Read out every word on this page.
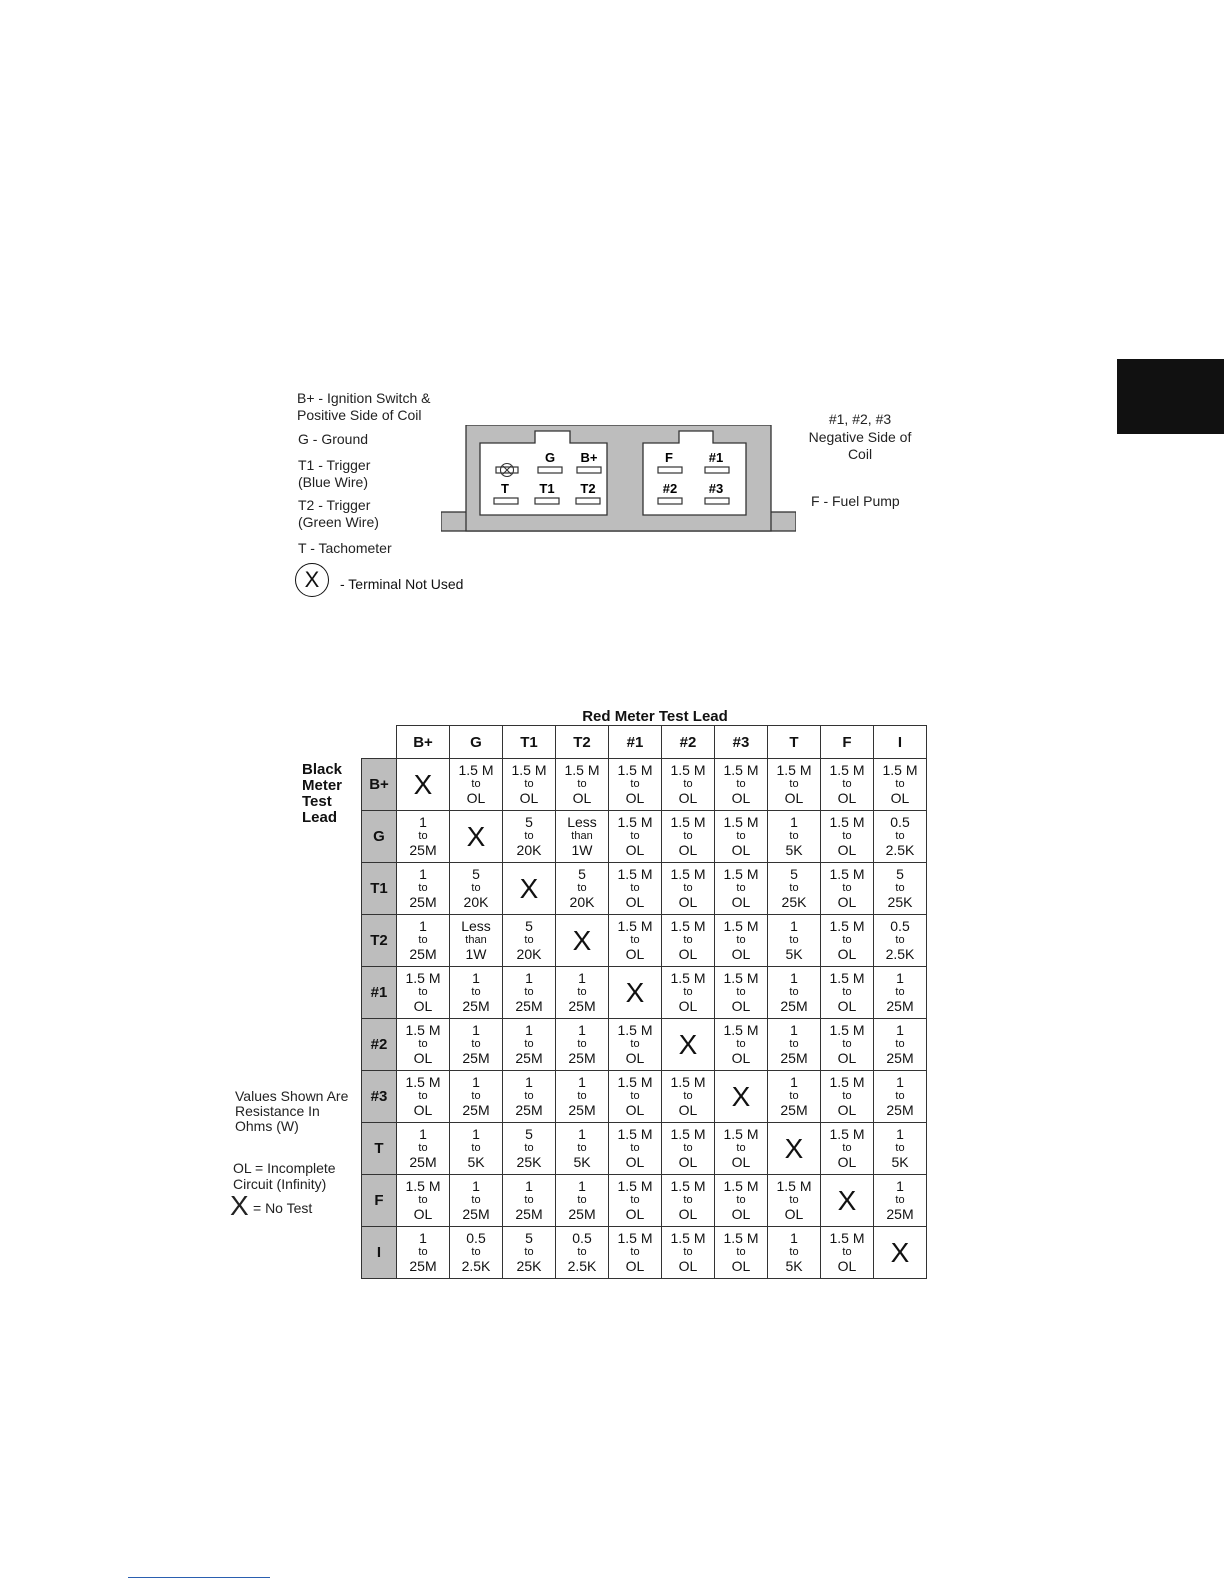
B+ - Ignition Switch &
Positive Side of Coil
G - Ground
T1 - Trigger
(Blue Wire)
T2 - Trigger
(Green Wire)
T - Tachometer
X	- Terminal Not Used
#1, #2, #3
Negative Side of
Coil
F - Fuel Pump
G B+
T T1 T2
F	#1
#2 #3
Red Meter Test Lead
Black
Meter
Test
Lead
	B+	G	T1	T2	#1	#2	#3	T	F	I
B+	X	1.5 M
to
OL	1.5 M
to
OL	1.5 M
to
OL	1.5 M
to
OL	1.5 M
to
OL	1.5 M
to
OL	1.5 M
to
OL	1.5 M
to
OL	1.5 M
to
OL

G	1
to
25M	X	5
to
20K	Less
than
1W	1.5 M
to
OL	1.5 M
to
OL	1.5 M
to
OL	1
to
5K	1.5 M
to
OL	0.5
to
2.5K

T1	1
to
25M	5
to
20K	X	5
to
20K	1.5 M
to
OL	1.5 M
to
OL	1.5 M
to
OL	5
to
25K	1.5 M
to
OL	5
to
25K

T2	1
to
25M	Less
than
1W	5
to
20K	X	1.5 M
to
OL	1.5 M
to
OL	1.5 M
to
OL	1
to
5K	1.5 M
to
OL	0.5
to
2.5K

#1	1.5 M
to
OL	1
to
25M	1
to
25M	1
to
25M	X	1.5 M
to
OL	1.5 M
to
OL	1
to
25M	1.5 M
to
OL	1
to
25M

#2	1.5 M
to
OL	1
to
25M	1
to
25M	1
to
25M	1.5 M
to
OL	X	1.5 M
to
OL	1
to
25M	1.5 M
to
OL	1
to
25M

#3	1.5 M
to
OL	1
to
25M	1
to
25M	1
to
25M	1.5 M
to
OL	1.5 M
to
OL	X	1
to
25M	1.5 M
to
OL	1
to
25M

T	1
to
25M	1
to
5K	5
to
25K	1
to
5K	1.5 M
to
OL	1.5 M
to
OL	1.5 M
to
OL	X	1.5 M
to
OL	1
to
5K

F	1.5 M
to
OL	1
to
25M	1
to
25M	1
to
25M	1.5 M
to
OL	1.5 M
to
OL	1.5 M
to
OL	1.5 M
to
OL	X	1
to
25M

I	1
to
25M	0.5
to
2.5K	5
to
25K	0.5
to
2.5K	1.5 M
to
OL	1.5 M
to
OL	1.5 M
to
OL	1
to
5K	1.5 M
to
OL	X
Values Shown Are
Resistance In
Ohms (W)
OL = Incomplete
Circuit (Infinity)
X = No Test
